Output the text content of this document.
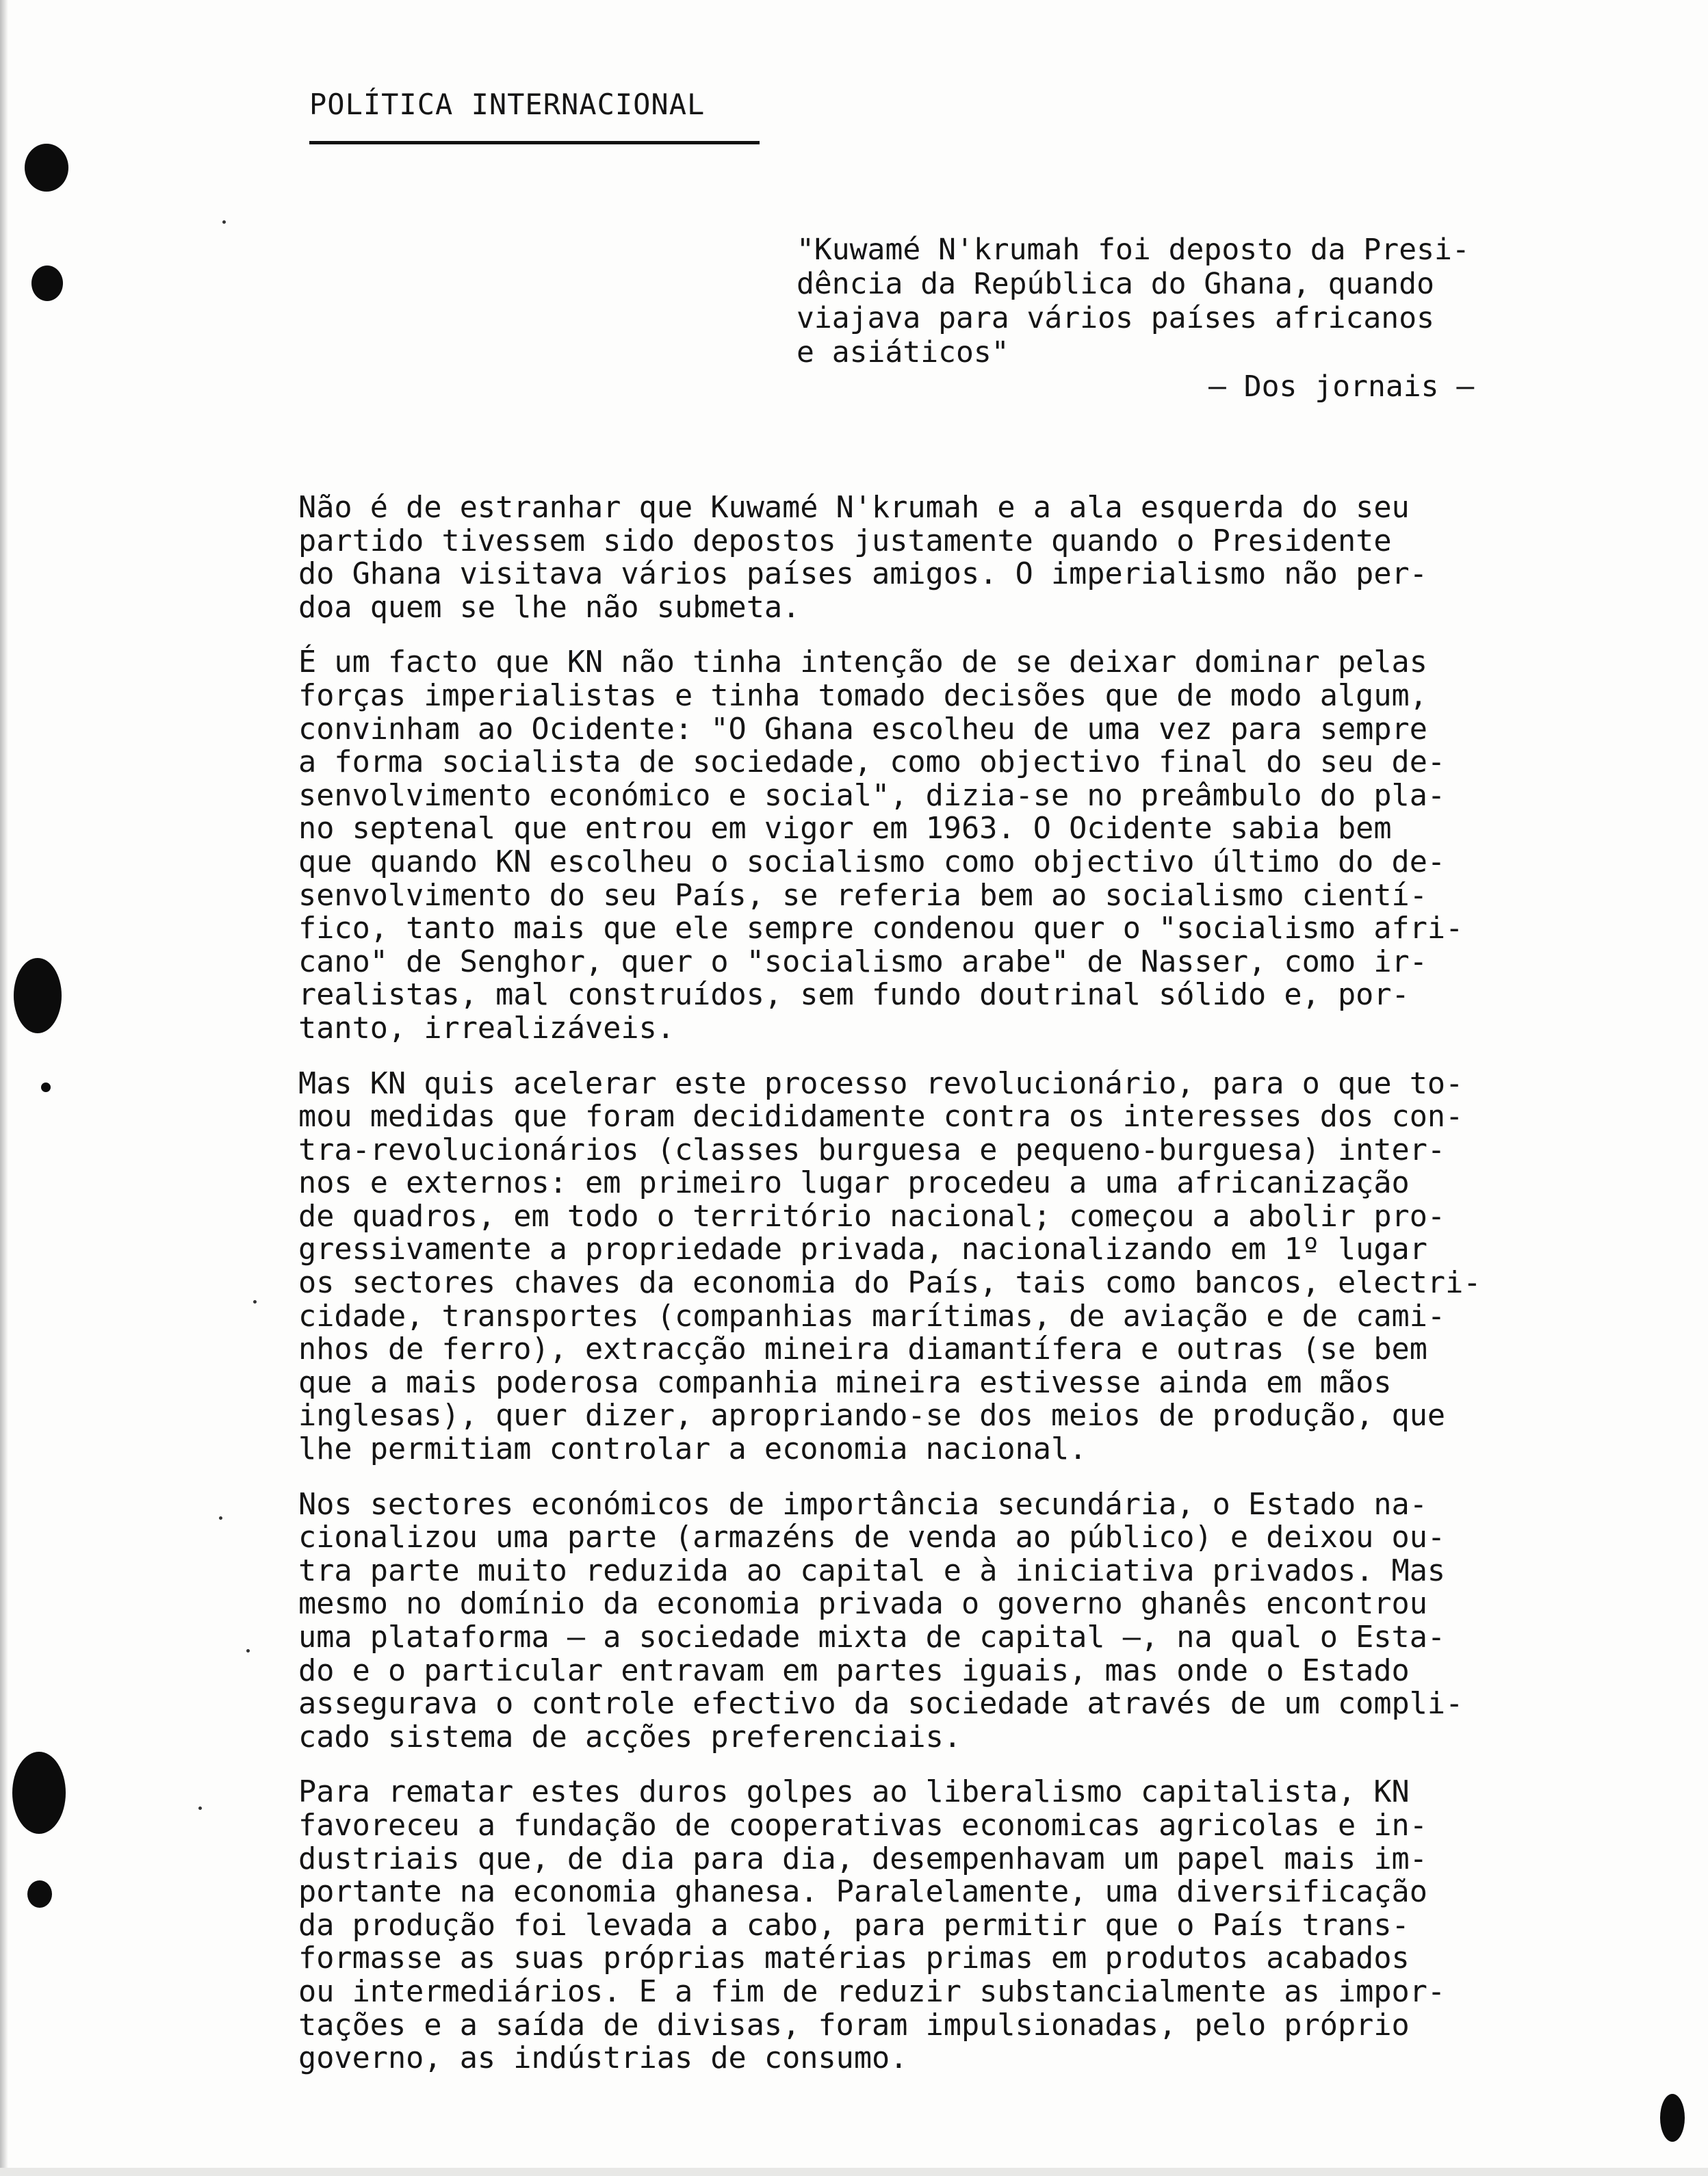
POLÍTICA INTERNACIONAL
"Kuwamé N'krumah foi deposto da Presi-
dência da República do Ghana, quando
viajava para vários países africanos
e asiáticos"
– Dos jornais –
Não é de estranhar que Kuwamé N'krumah e a ala esquerda do seu
partido tivessem sido depostos justamente quando o Presidente
do Ghana visitava vários países amigos. O imperialismo não per-
doa quem se lhe não submeta.
É um facto que KN não tinha intenção de se deixar dominar pelas
forças imperialistas e tinha tomado decisões que de modo algum,
convinham ao Ocidente: "O Ghana escolheu de uma vez para sempre
a forma socialista de sociedade, como objectivo final do seu de-
senvolvimento económico e social", dizia-se no preâmbulo do pla-
no septenal que entrou em vigor em 1963. O Ocidente sabia bem
que quando KN escolheu o socialismo como objectivo último do de-
senvolvimento do seu País, se referia bem ao socialismo cientí-
fico, tanto mais que ele sempre condenou quer o "socialismo afri-
cano" de Senghor, quer o "socialismo arabe" de Nasser, como ir-
realistas, mal construídos, sem fundo doutrinal sólido e, por-
tanto, irrealizáveis.
Mas KN quis acelerar este processo revolucionário, para o que to-
mou medidas que foram decididamente contra os interesses dos con-
tra-revolucionários (classes burguesa e pequeno-burguesa) inter-
nos e externos: em primeiro lugar procedeu a uma africanização
de quadros, em todo o território nacional; começou a abolir pro-
gressivamente a propriedade privada, nacionalizando em 1º lugar
os sectores chaves da economia do País, tais como bancos, electri-
cidade, transportes (companhias marítimas, de aviação e de cami-
nhos de ferro), extracção mineira diamantífera e outras (se bem
que a mais poderosa companhia mineira estivesse ainda em mãos
inglesas), quer dizer, apropriando-se dos meios de produção, que
lhe permitiam controlar a economia nacional.
Nos sectores económicos de importância secundária, o Estado na-
cionalizou uma parte (armazéns de venda ao público) e deixou ou-
tra parte muito reduzida ao capital e à iniciativa privados. Mas
mesmo no domínio da economia privada o governo ghanês encontrou
uma plataforma – a sociedade mixta de capital –, na qual o Esta-
do e o particular entravam em partes iguais, mas onde o Estado
assegurava o controle efectivo da sociedade através de um compli-
cado sistema de acções preferenciais.
Para rematar estes duros golpes ao liberalismo capitalista, KN
favoreceu a fundação de cooperativas economicas agricolas e in-
dustriais que, de dia para dia, desempenhavam um papel mais im-
portante na economia ghanesa. Paralelamente, uma diversificação
da produção foi levada a cabo, para permitir que o País trans-
formasse as suas próprias matérias primas em produtos acabados
ou intermediários. E a fim de reduzir substancialmente as impor-
tações e a saída de divisas, foram impulsionadas, pelo próprio
governo, as indústrias de consumo.
